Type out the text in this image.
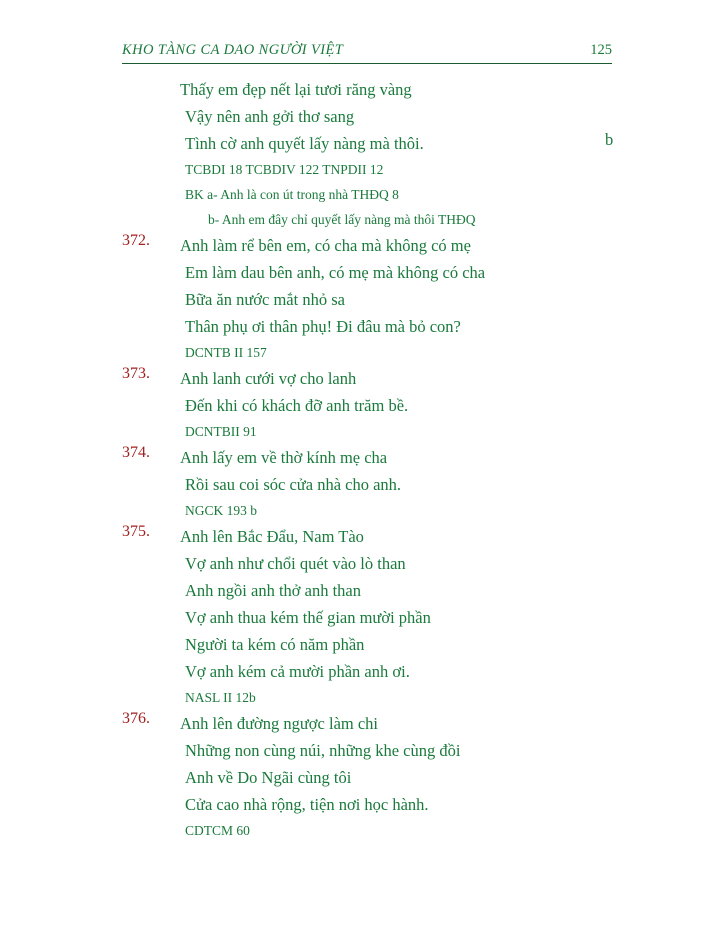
KHO TÀNG CA DAO NGƯỜI VIỆT	125
Thấy em đẹp nết lại tươi răng vàng
Vậy nên anh gởi thơ sang
Tình cờ anh quyết lấy nàng mà thôi.	b
TCBDI 18 TCBDIV 122 TNPDII 12
BK a- Anh là con út trong nhà THĐQ 8
b- Anh em đây chỉ quyết lấy nàng mà thôi THĐQ
372.	Anh làm rể bên em, có cha mà không có mẹ
Em làm dau bên anh, có mẹ mà không có cha
Bữa ăn nước mắt nhỏ sa
Thân phụ ơi thân phụ! Đi đâu mà bỏ con?
DCNTB II 157
373.	Anh lanh cưới vợ cho lanh
Đến khi có khách đỡ anh trăm bề.
DCNTBII 91
374.	Anh lấy em về thờ kính mẹ cha
Rồi sau coi sóc cửa nhà cho anh.
NGCK 193 b
375.	Anh lên Bắc Đẩu, Nam Tào
Vợ anh như chổi quét vào lò than
Anh ngồi anh thở anh than
Vợ anh thua kém thế gian mười phần
Người ta kém có năm phần
Vợ anh kém cả mười phần anh ơi.
NASL II 12b
376.	Anh lên đường ngược làm chi
Những non cùng núi, những khe cùng đồi
Anh về Do Ngãi cùng tôi
Cửa cao nhà rộng, tiện nơi học hành.
CDTCM 60
